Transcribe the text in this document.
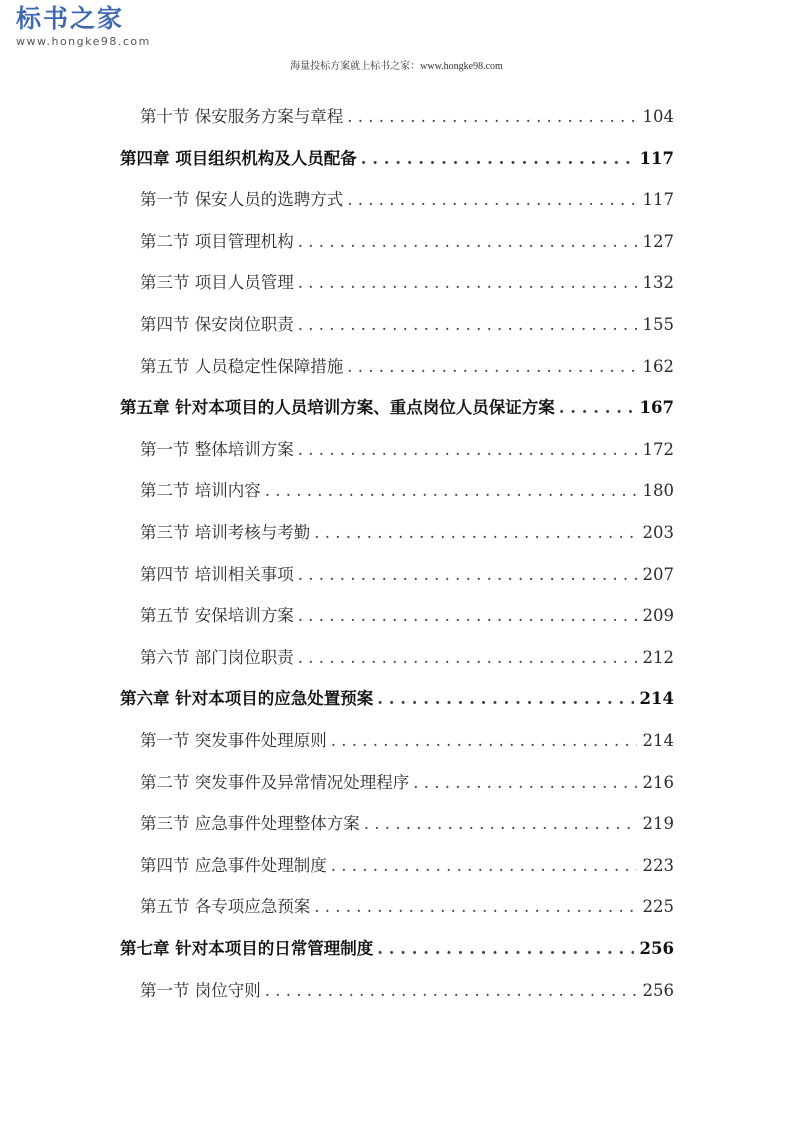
标书之家
www.hongke98.com
海量投标方案就上标书之家：www.hongke98.com
第十节 保安服务方案与章程 . . .	104
第四章 项目组织机构及人员配备 . . .	117
第一节 保安人员的选聘方式 . . .	117
第二节 项目管理机构 . . .	127
第三节 项目人员管理 . . .	132
第四节 保安岗位职责 . . .	155
第五节 人员稳定性保障措施 . . .	162
第五章 针对本项目的人员培训方案、重点岗位人员保证方案 . . .	167
第一节 整体培训方案 . . .	172
第二节 培训内容 . . .	180
第三节 培训考核与考勤 . . .	203
第四节 培训相关事项 . . .	207
第五节 安保培训方案 . . .	209
第六节 部门岗位职责 . . .	212
第六章 针对本项目的应急处置预案 . . .	214
第一节 突发事件处理原则 . . .	214
第二节 突发事件及异常情况处理程序 . . .	216
第三节 应急事件处理整体方案 . . .	219
第四节 应急事件处理制度 . . .	223
第五节 各专项应急预案 . . .	225
第七章 针对本项目的日常管理制度 . . .	256
第一节 岗位守则 . . .	256
